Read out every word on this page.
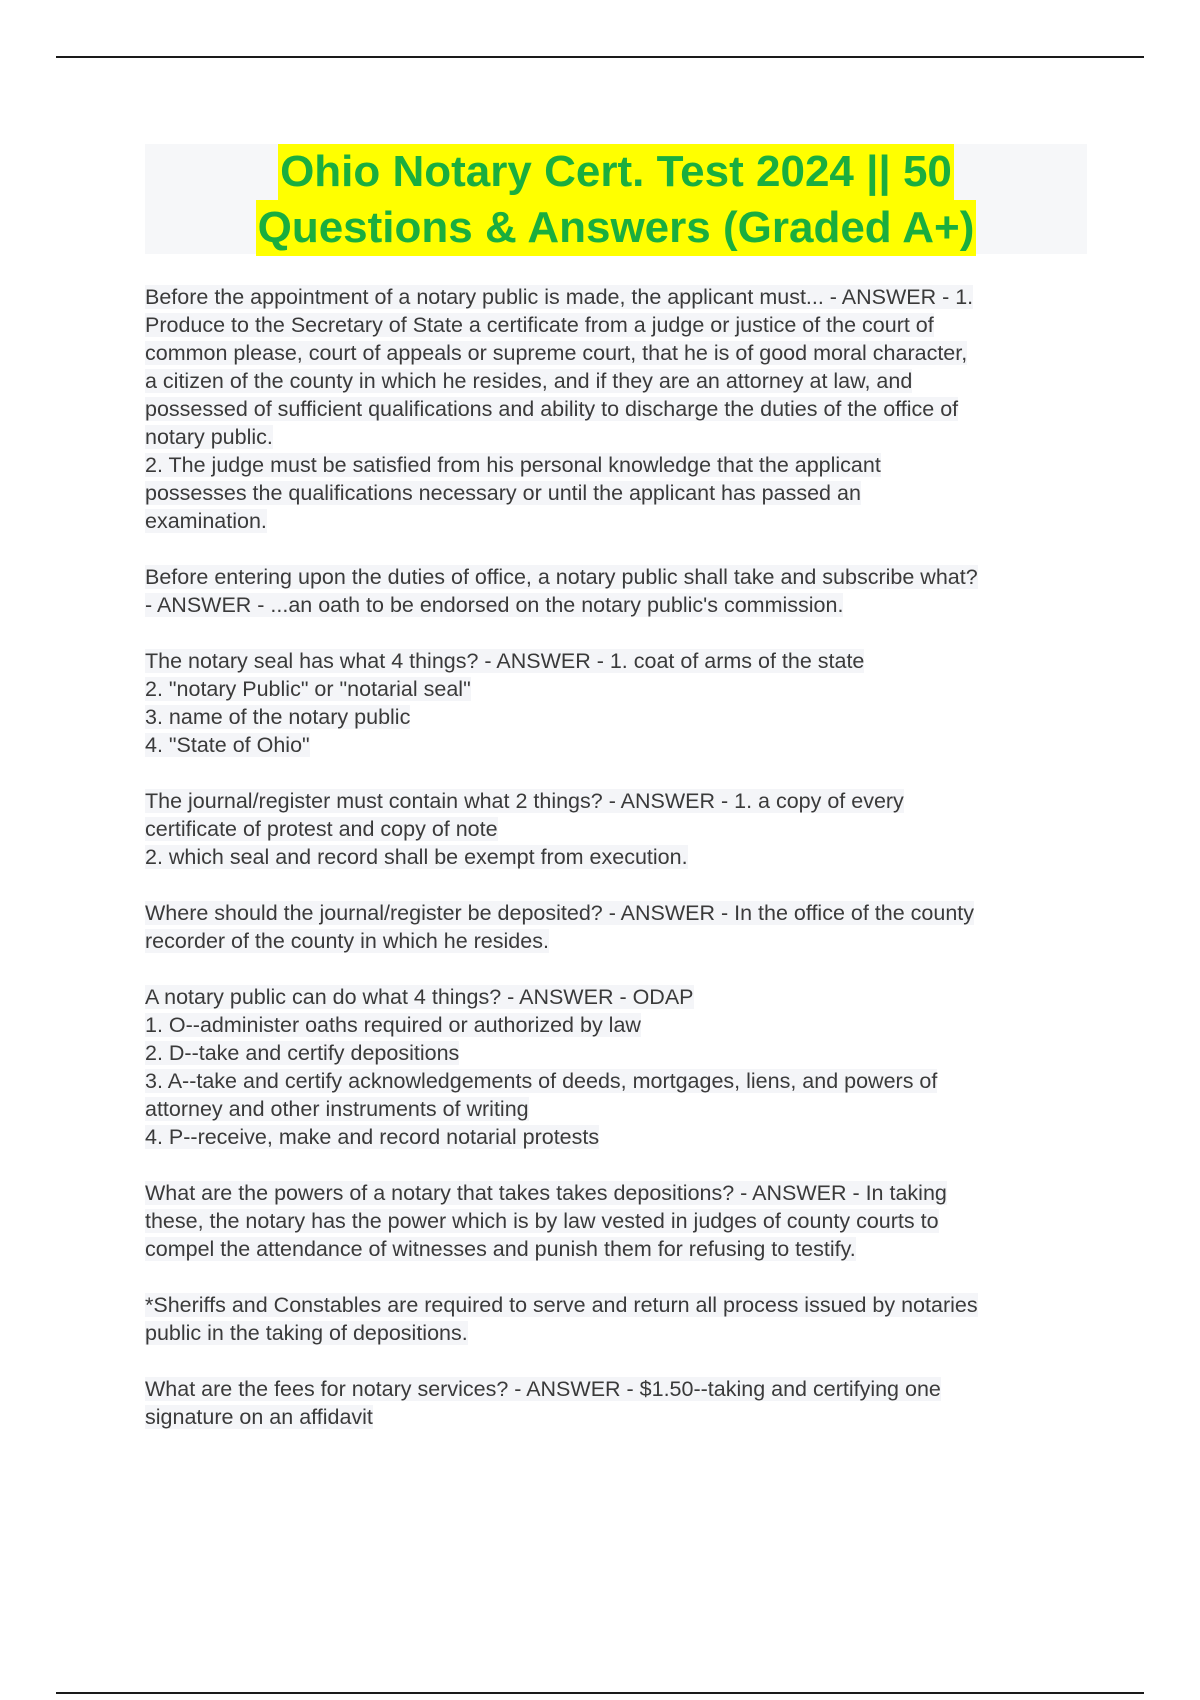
Ohio Notary Cert. Test 2024 || 50
Questions & Answers (Graded A+)
Before the appointment of a notary public is made, the applicant must... - ANSWER - 1.
Produce to the Secretary of State a certificate from a judge or justice of the court of
common please, court of appeals or supreme court, that he is of good moral character,
a citizen of the county in which he resides, and if they are an attorney at law, and
possessed of sufficient qualifications and ability to discharge the duties of the office of
notary public.
2. The judge must be satisfied from his personal knowledge that the applicant
possesses the qualifications necessary or until the applicant has passed an
examination.
Before entering upon the duties of office, a notary public shall take and subscribe what?
- ANSWER - ...an oath to be endorsed on the notary public's commission.
The notary seal has what 4 things? - ANSWER - 1. coat of arms of the state
2. "notary Public" or "notarial seal"
3. name of the notary public
4. "State of Ohio"
The journal/register must contain what 2 things? - ANSWER - 1. a copy of every
certificate of protest and copy of note
2. which seal and record shall be exempt from execution.
Where should the journal/register be deposited? - ANSWER - In the office of the county
recorder of the county in which he resides.
A notary public can do what 4 things? - ANSWER - ODAP
1. O--administer oaths required or authorized by law
2. D--take and certify depositions
3. A--take and certify acknowledgements of deeds, mortgages, liens, and powers of
attorney and other instruments of writing
4. P--receive, make and record notarial protests
What are the powers of a notary that takes takes depositions? - ANSWER - In taking
these, the notary has the power which is by law vested in judges of county courts to
compel the attendance of witnesses and punish them for refusing to testify.
*Sheriffs and Constables are required to serve and return all process issued by notaries
public in the taking of depositions.
What are the fees for notary services? - ANSWER - $1.50--taking and certifying one
signature on an affidavit
